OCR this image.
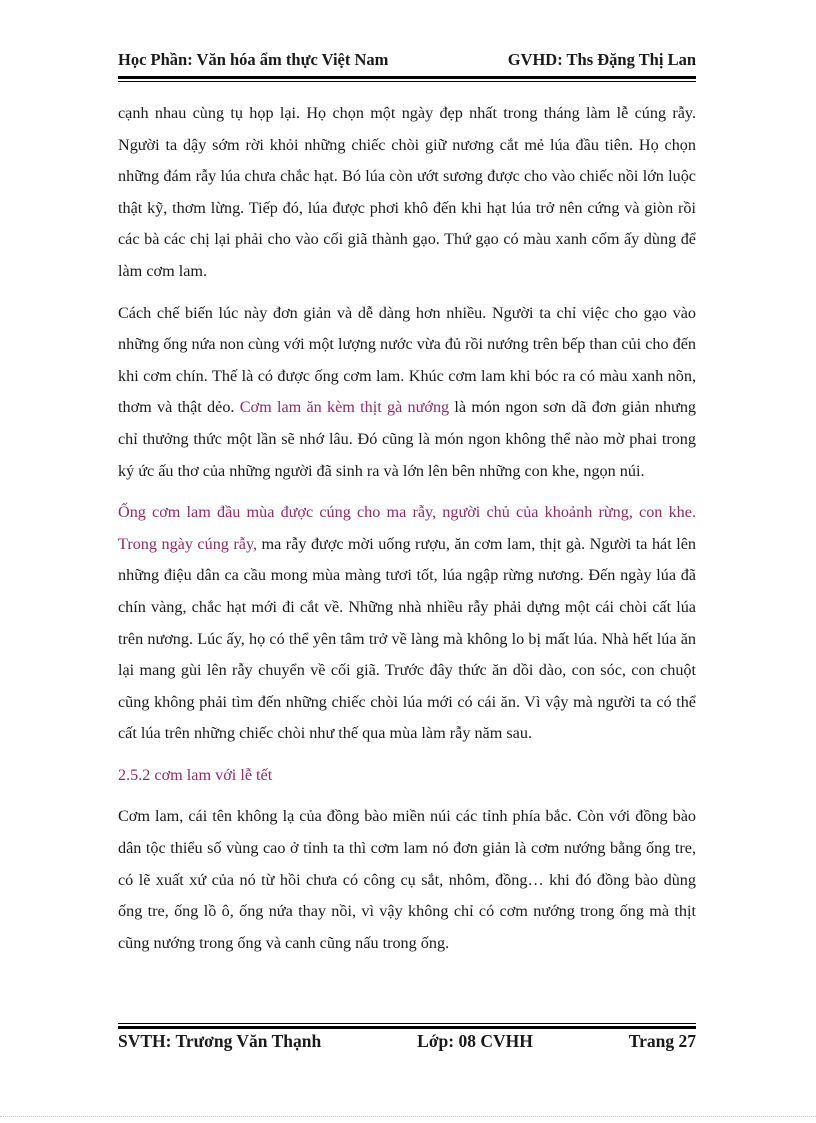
Học Phần: Văn hóa ẩm thực Việt Nam	GVHD: Ths Đặng Thị Lan

cạnh nhau cùng tụ họp lại. Họ chọn một ngày đẹp nhất trong tháng làm lễ cúng rẫy. Người ta dậy sớm rời khỏi những chiếc chòi giữ nương cắt mẻ lúa đầu tiên. Họ chọn những đám rẫy lúa chưa chắc hạt. Bó lúa còn ướt sương được cho vào chiếc nồi lớn luộc thật kỹ, thơm lừng. Tiếp đó, lúa được phơi khô đến khi hạt lúa trở nên cứng và giòn rồi các bà các chị lại phải cho vào cối giã thành gạo. Thứ gạo có màu xanh cốm ấy dùng để làm cơm lam.

Cách chế biến lúc này đơn giản và dễ dàng hơn nhiều. Người ta chỉ việc cho gạo vào những ống nứa non cùng với một lượng nước vừa đủ rồi nướng trên bếp than củi cho đến khi cơm chín. Thế là có được ống cơm lam. Khúc cơm lam khi bóc ra có màu xanh nõn, thơm và thật dẻo. Cơm lam ăn kèm thịt gà nướng là món ngon sơn dã đơn giản nhưng chỉ thưởng thức một lần sẽ nhớ lâu. Đó cũng là món ngon không thể nào mờ phai trong ký ức ấu thơ của những người đã sinh ra và lớn lên bên những con khe, ngọn núi.

Ống cơm lam đầu mùa được cúng cho ma rẫy, người chủ của khoảnh rừng, con khe. Trong ngày cúng rẫy, ma rẫy được mời uống rượu, ăn cơm lam, thịt gà. Người ta hát lên những điệu dân ca cầu mong mùa màng tươi tốt, lúa ngập rừng nương. Đến ngày lúa đã chín vàng, chắc hạt mới đi cắt về. Những nhà nhiều rẫy phải dựng một cái chòi cất lúa trên nương. Lúc ấy, họ có thể yên tâm trở về làng mà không lo bị mất lúa. Nhà hết lúa ăn lại mang gùi lên rẫy chuyển về cối giã. Trước đây thức ăn dồi dào, con sóc, con chuột cũng không phải tìm đến những chiếc chòi lúa mới có cái ăn. Vì vậy mà người ta có thể cất lúa trên những chiếc chòi như thế qua mùa làm rẫy năm sau.

2.5.2 cơm lam với lễ tết

Cơm lam, cái tên không lạ của đồng bào miền núi các tỉnh phía bắc. Còn với đồng bào dân tộc thiểu số vùng cao ở tỉnh ta thì cơm lam nó đơn giản là cơm nướng bằng ống tre, có lẽ xuất xứ của nó từ hồi chưa có công cụ sắt, nhôm, đồng… khi đó đồng bào dùng ống tre, ống lồ ô, ống nứa thay nồi, vì vậy không chỉ có cơm nướng trong ống mà thịt cũng nướng trong ống và canh cũng nấu trong ống.

SVTH: Trương Văn Thạnh	Lớp: 08 CVHH	Trang 27
